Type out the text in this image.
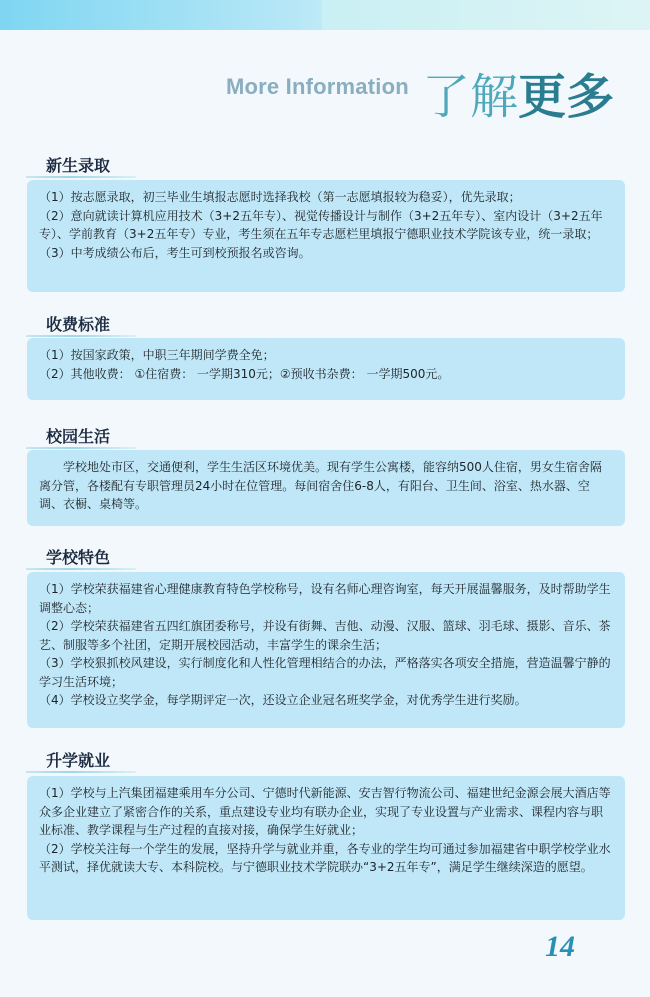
More Information 了解更多
新生录取

（1）按志愿录取，初三毕业生填报志愿时选择我校（第一志愿填报较为稳妥），优先录取；

（2）意向就读计算机应用技术（3+2五年专）、视觉传播设计与制作（3+2五年专）、室内设计（3+2五年专）、学前教育（3+2五年专）专业，考生须在五年专志愿栏里填报宁德职业技术学院该专业，统一录取；

（3）中考成绩公布后，考生可到校预报名或咨询。

收费标准

（1）按国家政策，中职三年期间学费全免；

（2）其他收费： ①住宿费： 一学期310元；②预收书杂费： 一学期500元。

校园生活

学校地处市区，交通便利，学生生活区环境优美。现有学生公寓楼，能容纳500人住宿，男女生宿舍隔离分管，各楼配有专职管理员24小时在位管理。每间宿舍住6-8人，有阳台、卫生间、浴室、热水器、空调、衣橱、桌椅等。

学校特色

（1）学校荣获福建省心理健康教育特色学校称号，设有名师心理咨询室，每天开展温馨服务，及时帮助学生调整心态；

（2）学校荣获福建省五四红旗团委称号，并设有街舞、吉他、动漫、汉服、篮球、羽毛球、摄影、音乐、茶艺、制服等多个社团，定期开展校园活动，丰富学生的课余生活；

（3）学校狠抓校风建设，实行制度化和人性化管理相结合的办法，严格落实各项安全措施，营造温馨宁静的学习生活环境；

（4）学校设立奖学金，每学期评定一次，还设立企业冠名班奖学金，对优秀学生进行奖励。

升学就业

（1）学校与上汽集团福建乘用车分公司、宁德时代新能源、安吉智行物流公司、福建世纪金源会展大酒店等众多企业建立了紧密合作的关系，重点建设专业均有联办企业，实现了专业设置与产业需求、课程内容与职业标准、教学课程与生产过程的直接对接，确保学生好就业；

（2）学校关注每一个学生的发展，坚持升学与就业并重，各专业的学生均可通过参加福建省中职学校学业水平测试，择优就读大专、本科院校。与宁德职业技术学院联办“3+2五年专”，满足学生继续深造的愿望。

14
